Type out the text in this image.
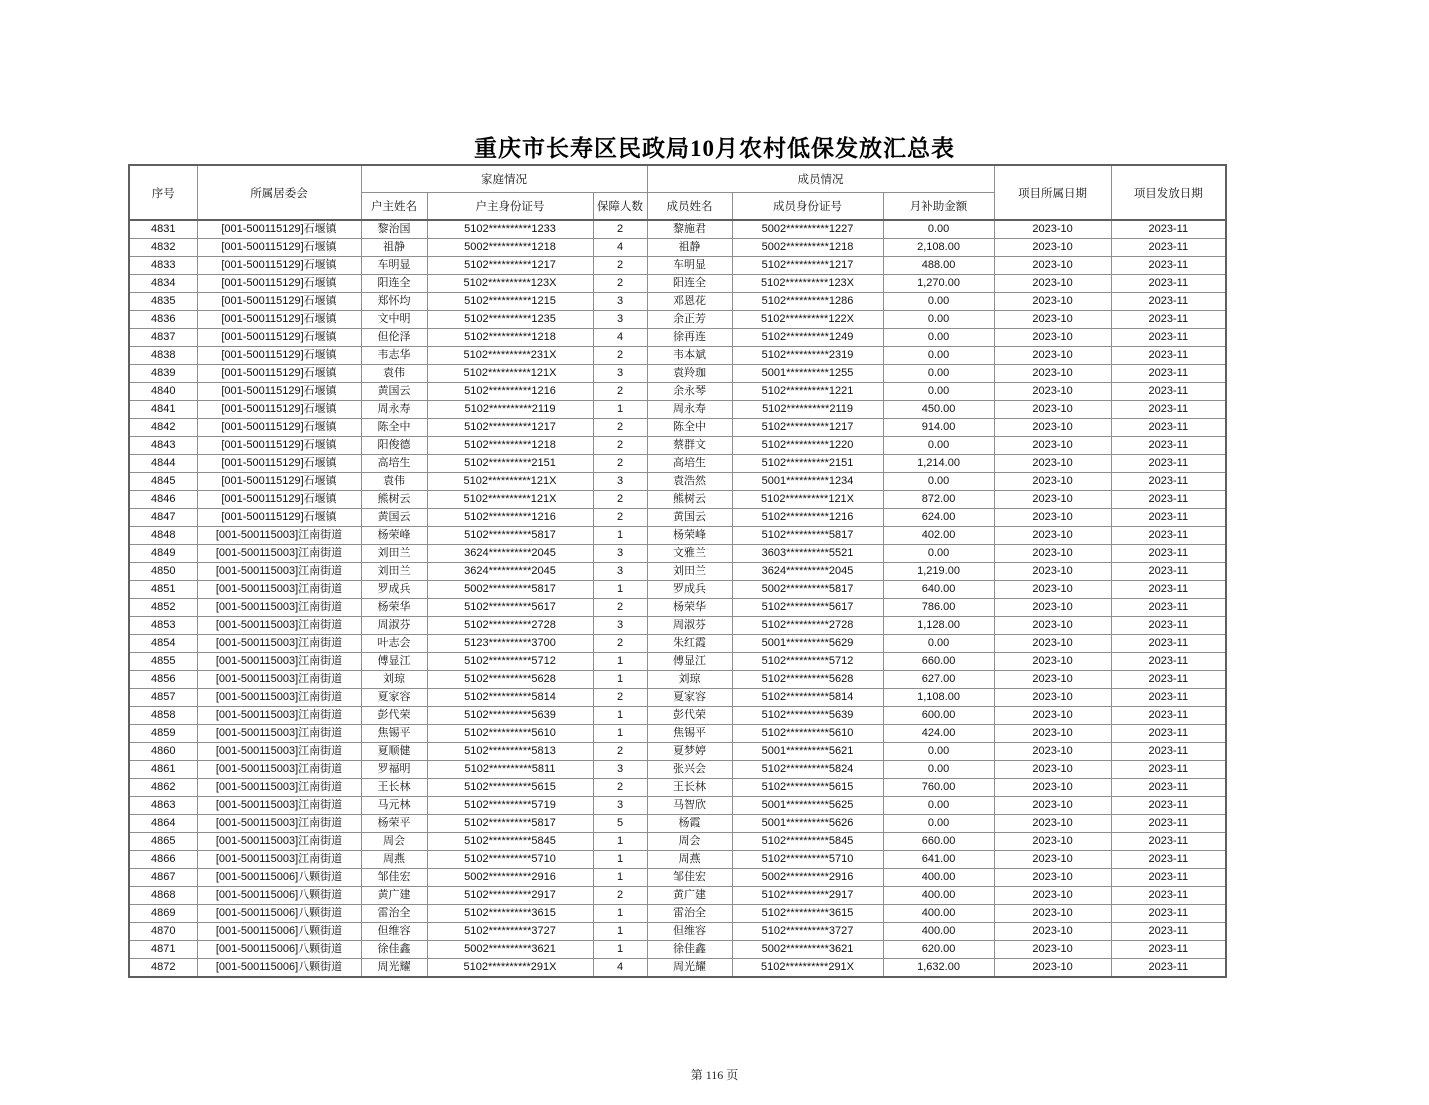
重庆市长寿区民政局10月农村低保发放汇总表
序号	所属居委会	家庭情况			成员情况			项目所属日期	项目发放日期
		户主姓名	户主身份证号	保障人数	成员姓名	成员身份证号	月补助金额		
4831	[001-500115129]石堰镇	黎治国	5102**********1233	2	黎施君	5002**********1227	0.00	2023-10	2023-11
4832	[001-500115129]石堰镇	祖静	5002**********1218	4	祖静	5002**********1218	2,108.00	2023-10	2023-11
4833	[001-500115129]石堰镇	车明显	5102**********1217	2	车明显	5102**********1217	488.00	2023-10	2023-11
4834	[001-500115129]石堰镇	阳连全	5102**********123X	2	阳连全	5102**********123X	1,270.00	2023-10	2023-11
4835	[001-500115129]石堰镇	郑怀均	5102**********1215	3	邓恩花	5102**********1286	0.00	2023-10	2023-11
4836	[001-500115129]石堰镇	文中明	5102**********1235	3	余正芳	5102**********122X	0.00	2023-10	2023-11
4837	[001-500115129]石堰镇	但伦泽	5102**********1218	4	徐再连	5102**********1249	0.00	2023-10	2023-11
4838	[001-500115129]石堰镇	韦志华	5102**********231X	2	韦本斌	5102**********2319	0.00	2023-10	2023-11
4839	[001-500115129]石堰镇	袁伟	5102**********121X	3	袁羚珈	5001**********1255	0.00	2023-10	2023-11
4840	[001-500115129]石堰镇	黄国云	5102**********1216	2	余永琴	5102**********1221	0.00	2023-10	2023-11
4841	[001-500115129]石堰镇	周永寿	5102**********2119	1	周永寿	5102**********2119	450.00	2023-10	2023-11
4842	[001-500115129]石堰镇	陈全中	5102**********1217	2	陈全中	5102**********1217	914.00	2023-10	2023-11
4843	[001-500115129]石堰镇	阳俊德	5102**********1218	2	蔡群文	5102**********1220	0.00	2023-10	2023-11
4844	[001-500115129]石堰镇	高培生	5102**********2151	2	高培生	5102**********2151	1,214.00	2023-10	2023-11
4845	[001-500115129]石堰镇	袁伟	5102**********121X	3	袁浩然	5001**********1234	0.00	2023-10	2023-11
4846	[001-500115129]石堰镇	熊树云	5102**********121X	2	熊树云	5102**********121X	872.00	2023-10	2023-11
4847	[001-500115129]石堰镇	黄国云	5102**********1216	2	黄国云	5102**********1216	624.00	2023-10	2023-11
4848	[001-500115003]江南街道	杨荣峰	5102**********5817	1	杨荣峰	5102**********5817	402.00	2023-10	2023-11
4849	[001-500115003]江南街道	刘田兰	3624**********2045	3	文雅兰	3603**********5521	0.00	2023-10	2023-11
4850	[001-500115003]江南街道	刘田兰	3624**********2045	3	刘田兰	3624**********2045	1,219.00	2023-10	2023-11
4851	[001-500115003]江南街道	罗成兵	5002**********5817	1	罗成兵	5002**********5817	640.00	2023-10	2023-11
4852	[001-500115003]江南街道	杨荣华	5102**********5617	2	杨荣华	5102**********5617	786.00	2023-10	2023-11
4853	[001-500115003]江南街道	周淑芬	5102**********2728	3	周淑芬	5102**********2728	1,128.00	2023-10	2023-11
4854	[001-500115003]江南街道	叶志会	5123**********3700	2	朱红霞	5001**********5629	0.00	2023-10	2023-11
4855	[001-500115003]江南街道	傅显江	5102**********5712	1	傅显江	5102**********5712	660.00	2023-10	2023-11
4856	[001-500115003]江南街道	刘琼	5102**********5628	1	刘琼	5102**********5628	627.00	2023-10	2023-11
4857	[001-500115003]江南街道	夏家容	5102**********5814	2	夏家容	5102**********5814	1,108.00	2023-10	2023-11
4858	[001-500115003]江南街道	彭代荣	5102**********5639	1	彭代荣	5102**********5639	600.00	2023-10	2023-11
4859	[001-500115003]江南街道	焦锡平	5102**********5610	1	焦锡平	5102**********5610	424.00	2023-10	2023-11
4860	[001-500115003]江南街道	夏顺健	5102**********5813	2	夏梦婷	5001**********5621	0.00	2023-10	2023-11
4861	[001-500115003]江南街道	罗福明	5102**********5811	3	张兴会	5102**********5824	0.00	2023-10	2023-11
4862	[001-500115003]江南街道	王长林	5102**********5615	2	王长林	5102**********5615	760.00	2023-10	2023-11
4863	[001-500115003]江南街道	马元林	5102**********5719	3	马智欣	5001**********5625	0.00	2023-10	2023-11
4864	[001-500115003]江南街道	杨荣平	5102**********5817	5	杨霞	5001**********5626	0.00	2023-10	2023-11
4865	[001-500115003]江南街道	周会	5102**********5845	1	周会	5102**********5845	660.00	2023-10	2023-11
4866	[001-500115003]江南街道	周燕	5102**********5710	1	周燕	5102**********5710	641.00	2023-10	2023-11
4867	[001-500115006]八颗街道	邹佳宏	5002**********2916	1	邹佳宏	5002**********2916	400.00	2023-10	2023-11
4868	[001-500115006]八颗街道	黄广建	5102**********2917	2	黄广建	5102**********2917	400.00	2023-10	2023-11
4869	[001-500115006]八颗街道	雷治全	5102**********3615	1	雷治全	5102**********3615	400.00	2023-10	2023-11
4870	[001-500115006]八颗街道	但维容	5102**********3727	1	但维容	5102**********3727	400.00	2023-10	2023-11
4871	[001-500115006]八颗街道	徐佳鑫	5002**********3621	1	徐佳鑫	5002**********3621	620.00	2023-10	2023-11
4872	[001-500115006]八颗街道	周光耀	5102**********291X	4	周光耀	5102**********291X	1,632.00	2023-10	2023-11
第 116 页
